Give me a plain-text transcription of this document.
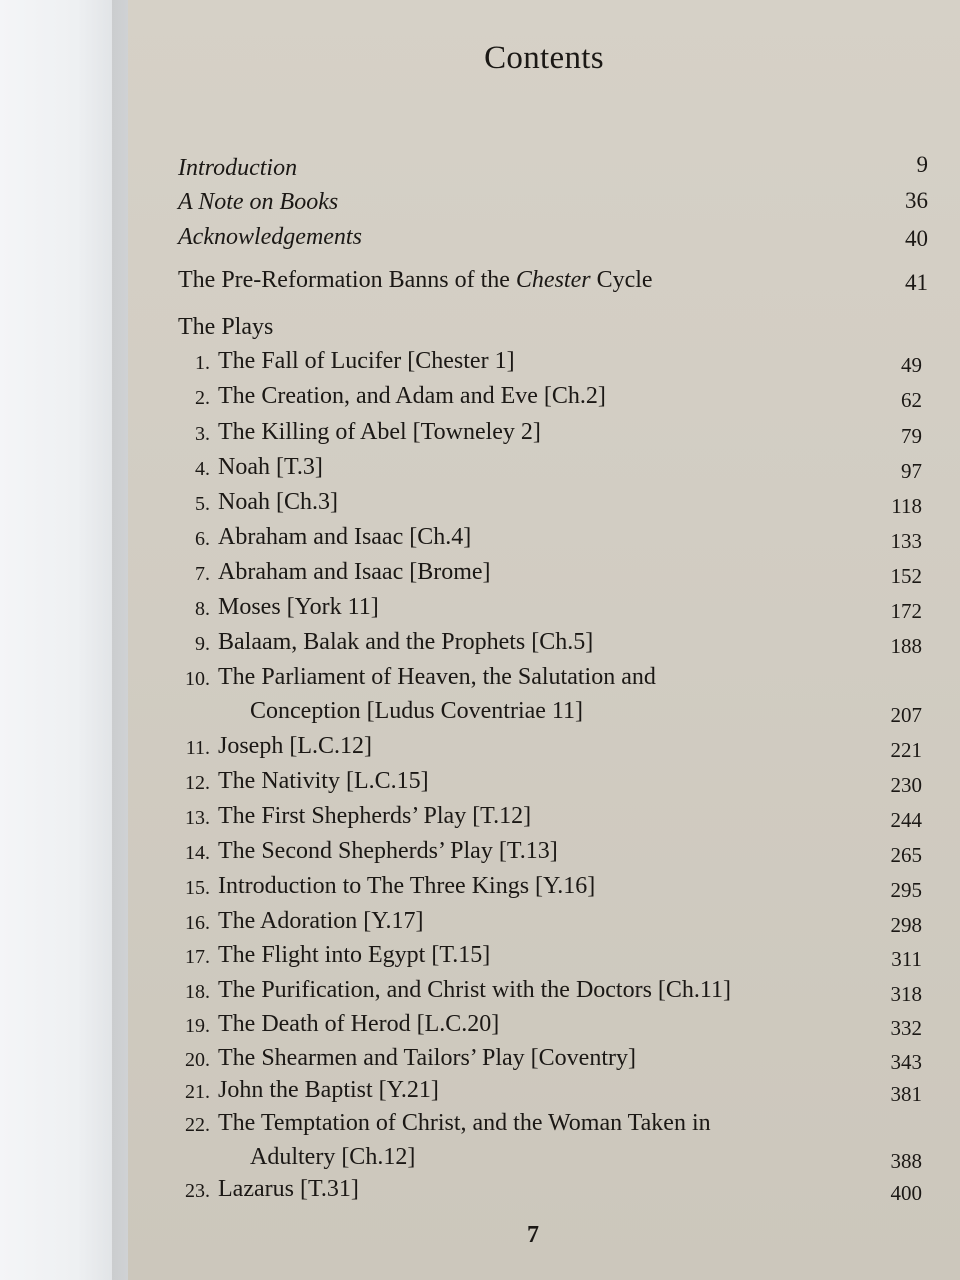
Contents
Introduction	9
A Note on Books	36
Acknowledgements	40
The Pre-Reformation Banns of the Chester Cycle	41
The Plays
1. The Fall of Lucifer [Chester 1]	49
2. The Creation, and Adam and Eve [Ch.2]	62
3. The Killing of Abel [Towneley 2]	79
4. Noah [T.3]	97
5. Noah [Ch.3]	118
6. Abraham and Isaac [Ch.4]	133
7. Abraham and Isaac [Brome]	152
8. Moses [York 11]	172
9. Balaam, Balak and the Prophets [Ch.5]	188
10. The Parliament of Heaven, the Salutation and
Conception [Ludus Coventriae 11]	207
11. Joseph [L.C.12]	221
12. The Nativity [L.C.15]	230
13. The First Shepherds’ Play [T.12]	244
14. The Second Shepherds’ Play [T.13]	265
15. Introduction to The Three Kings [Y.16]	295
16. The Adoration [Y.17]	298
17. The Flight into Egypt [T.15]	311
18. The Purification, and Christ with the Doctors [Ch.11]	318
19. The Death of Herod [L.C.20]	332
20. The Shearmen and Tailors’ Play [Coventry]	343
21. John the Baptist [Y.21]	381
22. The Temptation of Christ, and the Woman Taken in
Adultery [Ch.12]	388
23. Lazarus [T.31]	400
7
